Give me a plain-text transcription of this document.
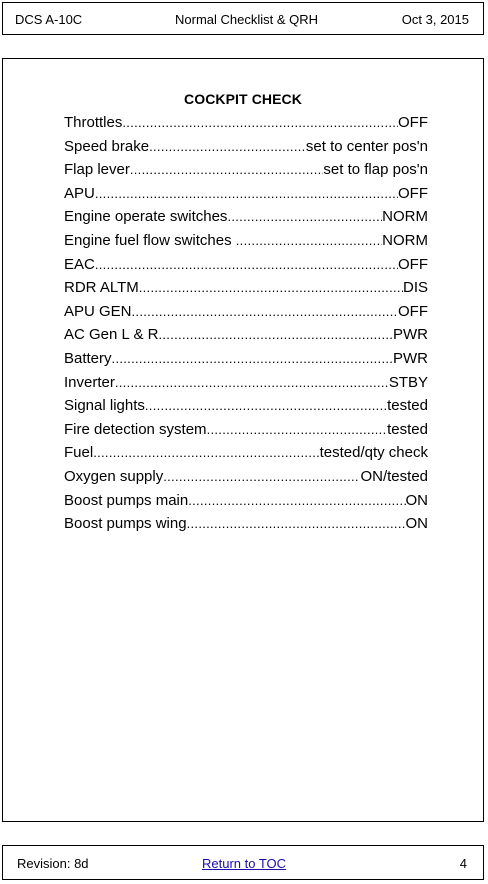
DCS A-10C	Normal Checklist & QRH	Oct 3, 2015
COCKPIT CHECK
Throttles .....	OFF
Speed brake .....	set to center pos'n
Flap lever .....	set to flap pos'n
APU .....	OFF
Engine operate switches .....	NORM
Engine fuel flow switches .....	NORM
EAC .....	OFF
RDR ALTM .....	DIS
APU GEN .....	OFF
AC Gen L & R .....	PWR
Battery .....	PWR
Inverter .....	STBY
Signal lights .....	tested
Fire detection system .....	tested
Fuel .....	tested/qty check
Oxygen supply .....	ON/tested
Boost pumps main .....	ON
Boost pumps wing .....	ON
Revision: 8d	Return to TOC	4
